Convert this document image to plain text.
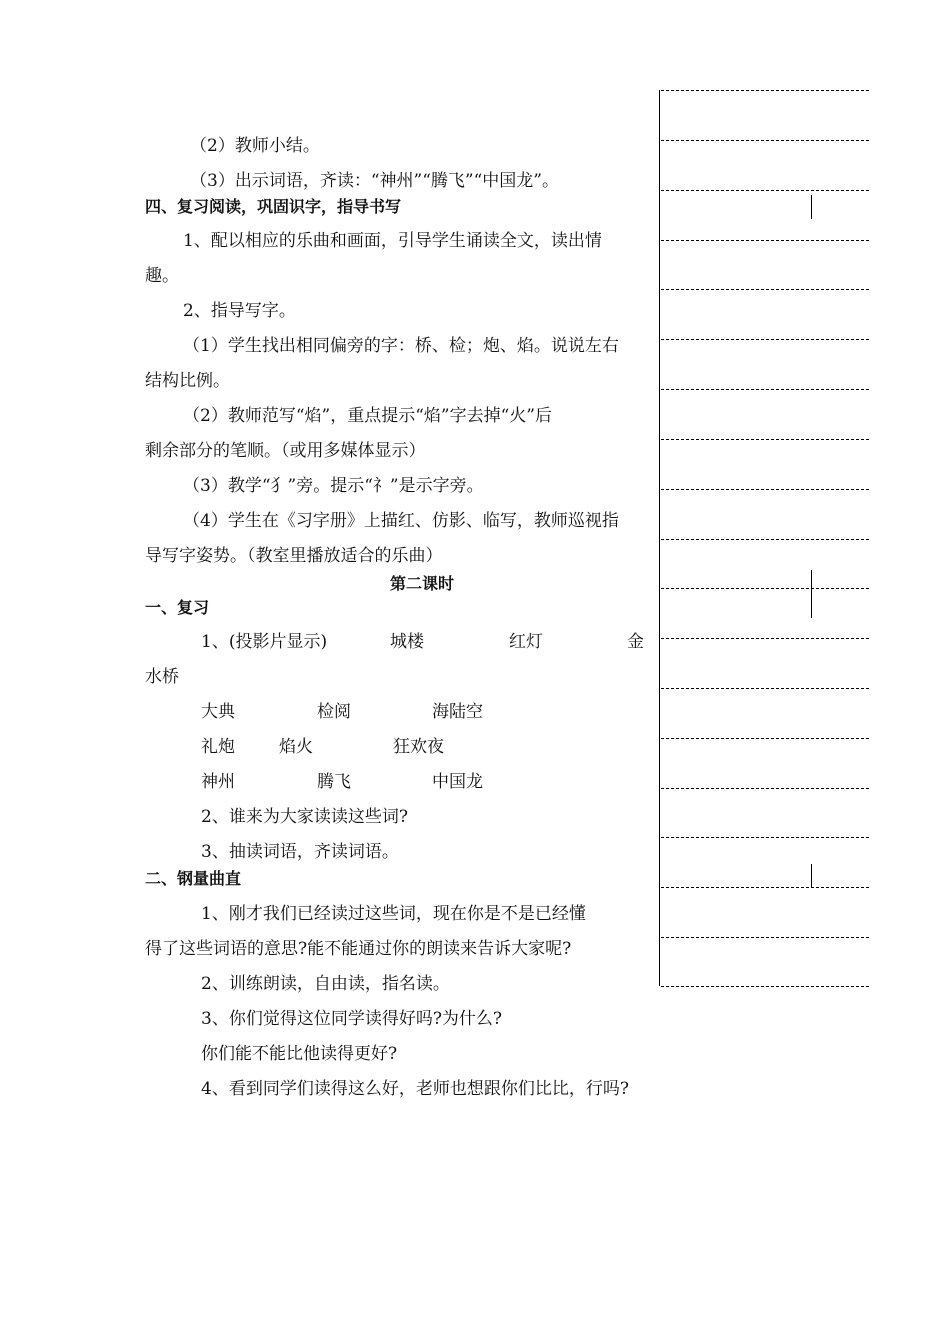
（2）教师小结。
（3）出示词语，齐读：“神州”“腾飞”“中国龙”。
四、复习阅读，巩固识字，指导书写
1、配以相应的乐曲和画面，引导学生诵读全文，读出情
趣。
2、指导写字。
（1）学生找出相同偏旁的字：桥、检；炮、焰。说说左右
结构比例。
（2）教师范写“焰”，重点提示“焰”字去掉“火”后
剩余部分的笔顺。（或用多媒体显示）
（3）教学“犭”旁。提示“礻”是示字旁。
（4）学生在《习字册》上描红、仿影、临写，教师巡视指
导写字姿势。（教室里播放适合的乐曲）
第二课时
一、复习
1、(投影片显示)	城楼	红灯	金
水桥
大典	检阅	海陆空
礼炮	焰火	狂欢夜
神州	腾飞	中国龙
2、谁来为大家读读这些词?
3、抽读词语，齐读词语。
二、钢量曲直
1、刚才我们已经读过这些词，现在你是不是已经懂
得了这些词语的意思?能不能通过你的朗读来告诉大家呢?
2、训练朗读，自由读，指名读。
3、你们觉得这位同学读得好吗?为什么?
你们能不能比他读得更好?
4、看到同学们读得这么好，老师也想跟你们比比，行吗?
